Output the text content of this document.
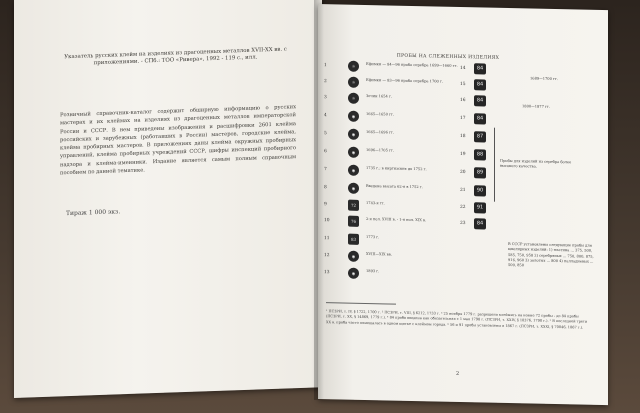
Указатель русских клейм на изделиях из драгоценных металлов XVII-XX вв. с приложениями. - СПб.: ТОО «Ривера», 1992 - 119 с., илл.
Розничный справочник-каталог содержит обширную информацию о русских мастерах и их клеймах на изделиях из драгоценных металлов императорской России и СССР. В нем приведены изображения и расшифровки 2601 клейма российских и зарубежных (работавших в России) мастеров, городские клейма, клейма пробирных мастеров. В приложениях даны клейма окружных пробирных управлений, клейма пробирных учреждений СССР, шифры инспекций пробирного надзора и клейма-именники. Издание является самым полным справочным пособием по данной тематике.
Тираж 1 000 экз.
ПРОБЫ НА СЛЕЖЕННЫХ ИЗДЕЛИЯХ
1	☼	Ефимки — 84—96 проба серебра 1699—1660 гг.
14	84
2	☼	Ефимки — 83—96 проба серебра 1700 г.
15	84
3	☼	Зечин 1654 г.
16	84
4	◉	1665—1650 гг.
17	84
5	◉	1665—1696 гг.
18	87
6	◉	1696—1705 гг.
19	88
7	◉	1735 г.; в киргизских до 1752 г.
20	89
8	◉	Введена высота 62-я в 1752 г.
21	90
9	72	1743-я гг.
22	91
10	76	2-я пол. XVIII в. - 1-я пол. XIX в.
23	84
11	83	1773 г.
12	◉	XVIII—XIX вв.
13	◉	1893 г.
1689—1700 гг.
1800—1877 гг.
Пробы для изделий из серебра более высокого качества.
В СССР установлены следующие пробы для ювелирных изделий: 1) платина ... 375, 500, 585, 750, 958 2) серебряных ... 750, 800, 875, 916, 960 3) золотых ... 800 4) палладиевых ... 500, 850
¹ ПСЗРИ, т. IV, § 1722, 1700 г. ² ПСЗРИ, т. VIII, § 6212, 1733 г. ³ 25 ноября 1779 г. разрешено клеймить на новые 72 пробы - до 84 пробы (ПСЗРИ, т. XX, § 14869, 1779 г.). ⁴ 84 проба введена как обязательная с 1 мая 1798 г. (ПСЗРИ, т. XXIV, § 18376, 1798 г.). ⁵ В последней трети XX в. проба часто помещалась в одном щитке с клеймом города. ⁶ 56 и 91 пробы установлены в 1867 г. (ПСЗРИ, т. XXXI, § 70046, 1867 г.).
2
